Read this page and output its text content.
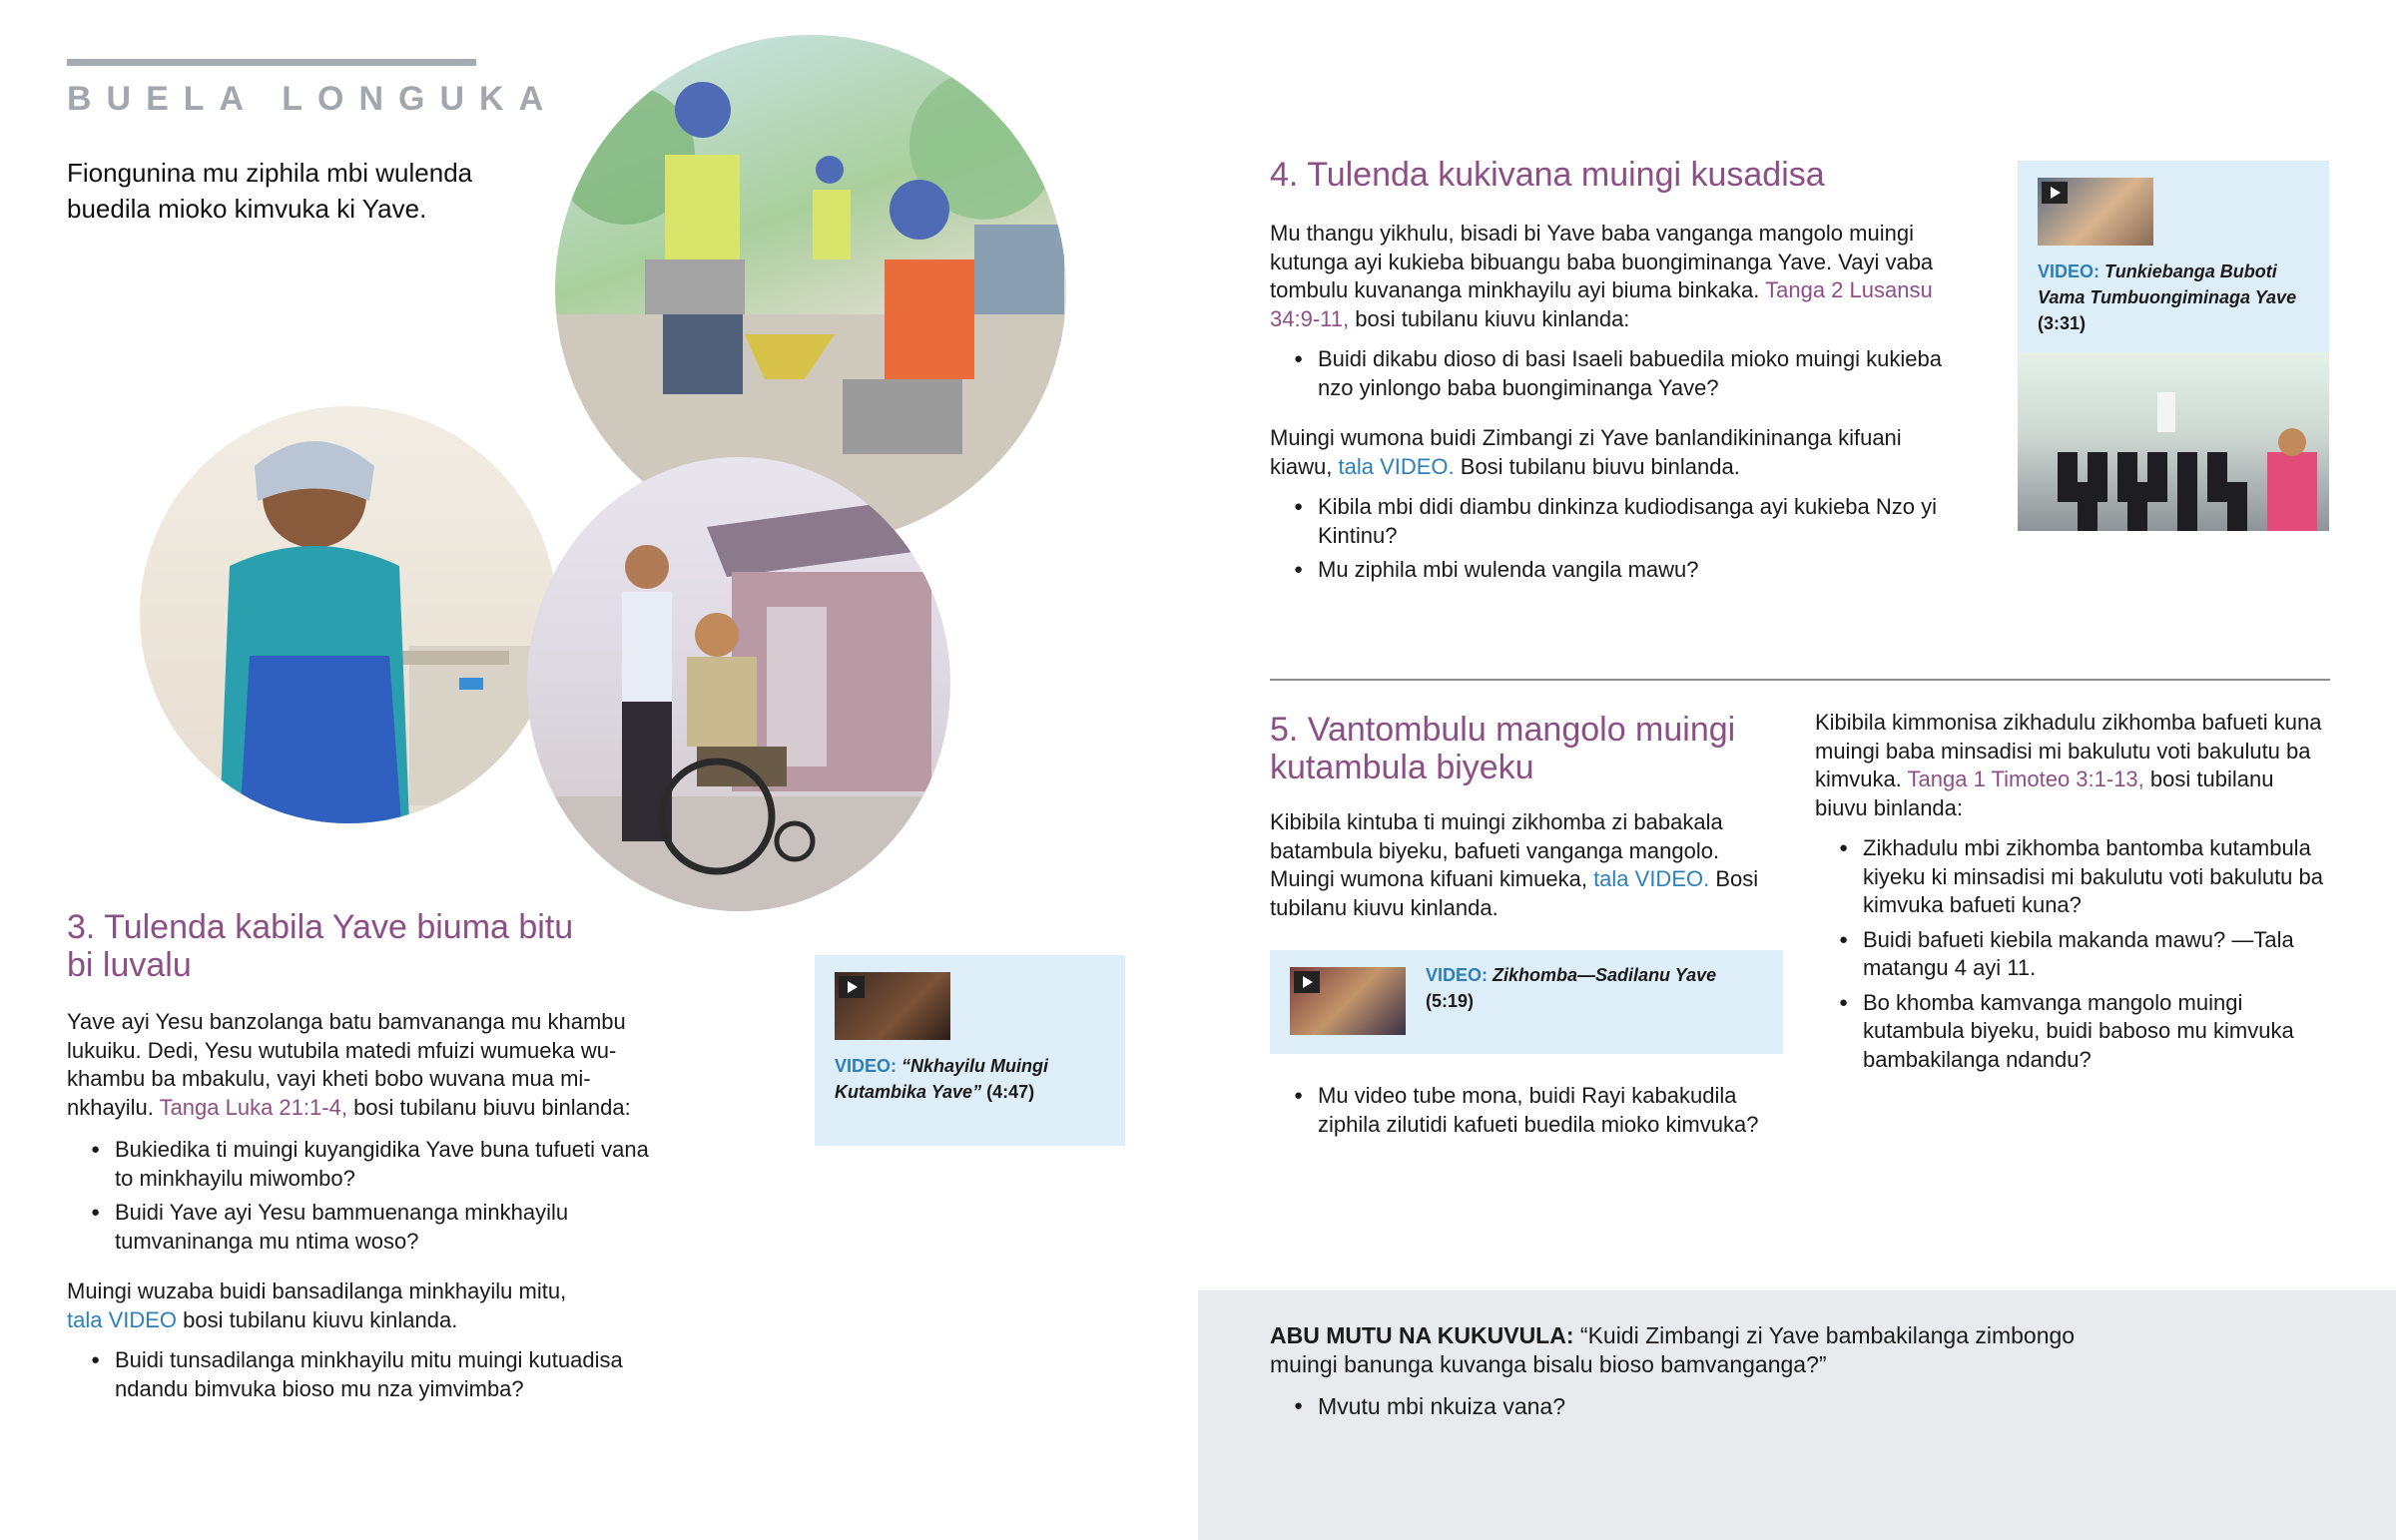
BUELA LONGUKA
Fiongunina mu ziphila mbi wulenda buedila mioko kimvuka ki Yave.
3. Tulenda kabila Yave biuma bitu bi luvalu

Yave ayi Yesu banzolanga batu bamvananga mu khambu lukuiku. Dedi, Yesu wutubila matedi mfuizi wumueka wukhambu ba mbakulu, vayi kheti bobo wuvana mua minkhayilu. Tanga Luka 21:1-4, bosi tubilanu biuvu binlanda:

● Bukiedika ti muingi kuyangidika Yave buna tufueti vana to minkhayilu miwombo?
● Buidi Yave ayi Yesu bammuenanga minkhayilu tumvaninanga mu ntima woso?

Muingi wuzaba buidi bansadilanga minkhayilu mitu,
tala VIDEO bosi tubilanu kiuvu kinlanda.

● Buidi tunsadilanga minkhayilu mitu muingi kutuadisa ndandu bimvuka bioso mu nza yimvimba?
VIDEO: “Nkhayilu Muingi Kutambika Yave” (4:47)
4. Tulenda kukivana muingi kusadisa

Mu thangu yikhulu, bisadi bi Yave baba vanganga mangolo muingi kutunga ayi kukieba bibuangu baba buongiminanga Yave. Vayi vaba tombulu kuvananga minkhayilu ayi biuma binkaka. Tanga 2 Lusansu 34:9-11, bosi tubilanu kiuvu kinlanda:

● Buidi dikabu dioso di basi Isaeli babuedila mioko muingi kukieba nzo yinlongo baba buongiminanga Yave?

Muingi wumona buidi Zimbangi zi Yave banlandikininanga kifuani kiawu, tala VIDEO. Bosi tubilanu biuvu binlanda.

● Kibila mbi didi diambu dinkinza kudiodisanga ayi kukieba Nzo yi Kintinu?
● Mu ziphila mbi wulenda vangila mawu?
VIDEO: Tunkiebanga Buboti Vama Tumbuongiminaga Yave (3:31)
5. Vantombulu mangolo muingi kutambula biyeku

Kibibila kintuba ti muingi zikhomba zi babakala batambula biyeku, bafueti vanganga mangolo. Muingi wumona kifuani kimueka, tala VIDEO. Bosi tubilanu kiuvu kinlanda.

VIDEO: Zikhomba—Sadilanu Yave
(5:19)
● Mu video tube mona, buidi Rayi kabakudila ziphila zilutidi kafueti buedila mioko kimvuka?

Kibibila kimmonisa zikhadulu zikhomba bafueti kuna muingi baba minsadisi mi bakulutu voti bakulutu ba kimvuka. Tanga 1 Timoteo 3:1-13, bosi tubilanu biuvu binlanda:

● Zikhadulu mbi zikhomba bantomba kutambula kiyeku ki minsadisi mi bakulutu voti bakulutu ba kimvuka bafueti kuna?
● Buidi bafueti kiebila makanda mawu? —Tala matangu 4 ayi 11.
● Bo khomba kamvanga mangolo muingi kutambula biyeku, buidi baboso mu kimvuka bambakilanga ndandu?

ABU MUTU NA KUKUVULA: “Kuidi Zimbangi zi Yave bambakilanga zimbongo muingi banunga kuvanga bisalu bioso bamvanganga?”

● Mvutu mbi nkuiza vana?
